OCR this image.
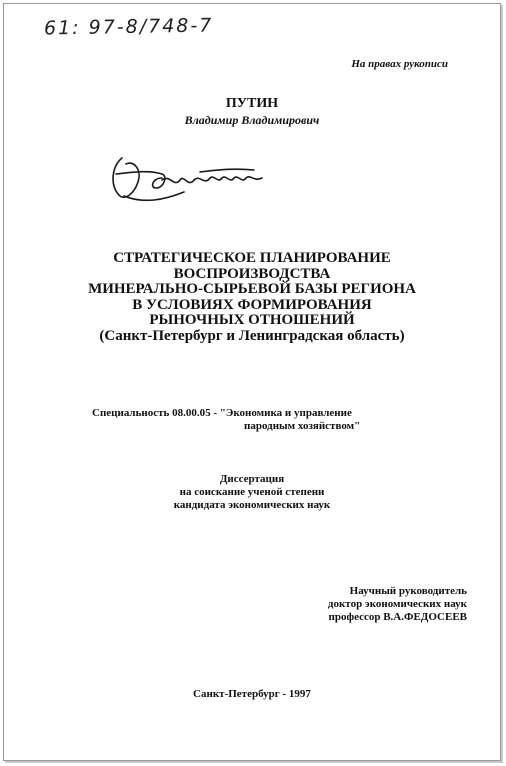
61: 97-8/748-7
На правах рукописи
ПУТИН
Владимир Владимирович
СТРАТЕГИЧЕСКОЕ ПЛАНИРОВАНИЕ
ВОСПРОИЗВОДСТВА
МИНЕРАЛЬНО-СЫРЬЕВОЙ БАЗЫ РЕГИОНА
В УСЛОВИЯХ ФОРМИРОВАНИЯ
РЫНОЧНЫХ ОТНОШЕНИЙ
(Санкт-Петербург и Ленинградская область)
Специальность 08.00.05 - "Экономика и управление
пародным хозяйством"
Диссертация
на соискание ученой степени
кандидата экономических наук
Научный руководитель
доктор экономических наук
профессор В.А.ФЕДОСЕЕВ
Санкт-Петербург - 1997
